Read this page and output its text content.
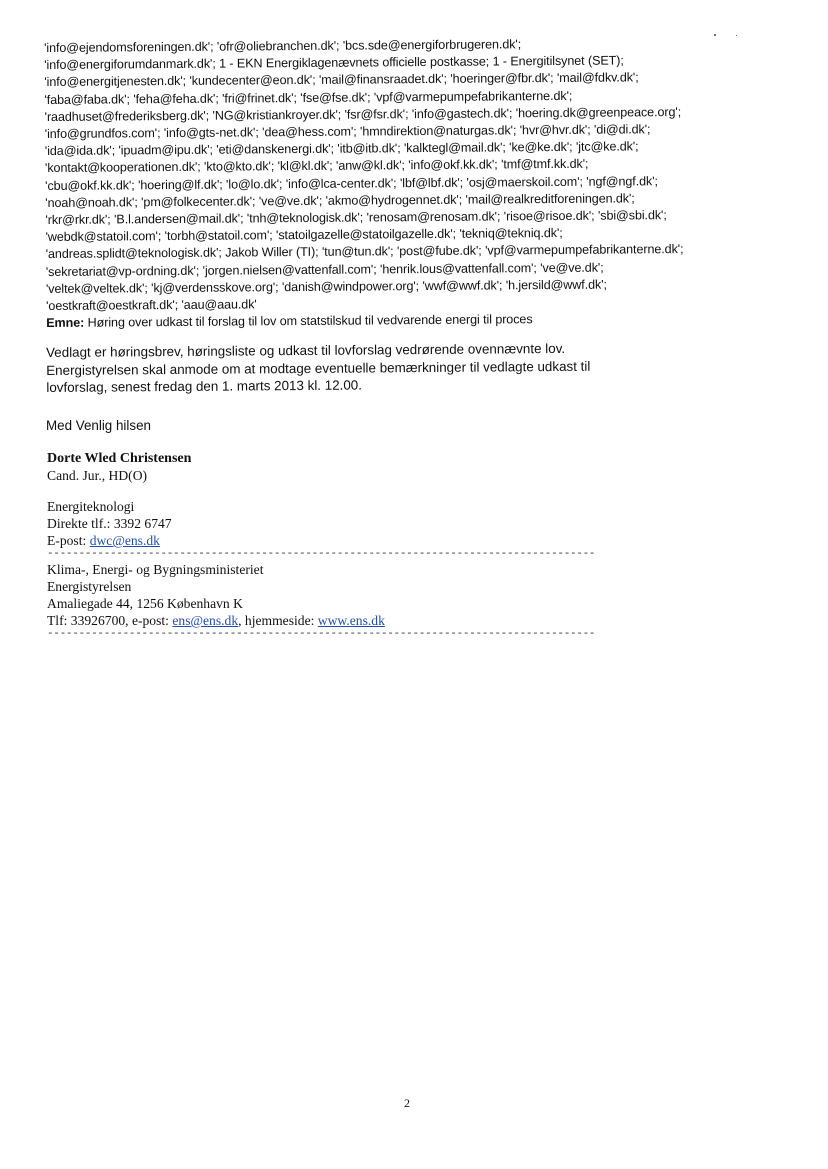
'info@ejendomsforeningen.dk'; 'ofr@oliebranchen.dk'; 'bcs.sde@energiforbrugeren.dk';
'info@energiforumdanmark.dk'; 1 - EKN Energiklagenævnets officielle postkasse; 1 - Energitilsynet (SET);
'info@energitjenesten.dk'; 'kundecenter@eon.dk'; 'mail@finansraadet.dk'; 'hoeringer@fbr.dk'; 'mail@fdkv.dk';
'faba@faba.dk'; 'feha@feha.dk'; 'fri@frinet.dk'; 'fse@fse.dk'; 'vpf@varmepumpefabrikanterne.dk';
'raadhuset@frederiksberg.dk'; 'NG@kristiankroyer.dk'; 'fsr@fsr.dk'; 'info@gastech.dk'; 'hoering.dk@greenpeace.org';
'info@grundfos.com'; 'info@gts-net.dk'; 'dea@hess.com'; 'hmndirektion@naturgas.dk'; 'hvr@hvr.dk'; 'di@di.dk';
'ida@ida.dk'; 'ipuadm@ipu.dk'; 'eti@danskenergi.dk'; 'itb@itb.dk'; 'kalktegl@mail.dk'; 'ke@ke.dk'; 'jtc@ke.dk';
'kontakt@kooperationen.dk'; 'kto@kto.dk'; 'kl@kl.dk'; 'anw@kl.dk'; 'info@okf.kk.dk'; 'tmf@tmf.kk.dk';
'cbu@okf.kk.dk'; 'hoering@lf.dk'; 'lo@lo.dk'; 'info@lca-center.dk'; 'lbf@lbf.dk'; 'osj@maerskoil.com'; 'ngf@ngf.dk';
'noah@noah.dk'; 'pm@folkecenter.dk'; 've@ve.dk'; 'akmo@hydrogennet.dk'; 'mail@realkreditforeningen.dk';
'rkr@rkr.dk'; 'B.l.andersen@mail.dk'; 'tnh@teknologisk.dk'; 'renosam@renosam.dk'; 'risoe@risoe.dk'; 'sbi@sbi.dk';
'webdk@statoil.com'; 'torbh@statoil.com'; 'statoilgazelle@statoilgazelle.dk'; 'tekniq@tekniq.dk';
'andreas.splidt@teknologisk.dk'; Jakob Willer (TI); 'tun@tun.dk'; 'post@fube.dk'; 'vpf@varmepumpefabrikanterne.dk';
'sekretariat@vp-ordning.dk'; 'jorgen.nielsen@vattenfall.com'; 'henrik.lous@vattenfall.com'; 've@ve.dk';
'veltek@veltek.dk'; 'kj@verdensskove.org'; 'danish@windpower.org'; 'wwf@wwf.dk'; 'h.jersild@wwf.dk';
'oestkraft@oestkraft.dk'; 'aau@aau.dk'
Emne: Høring over udkast til forslag til lov om statstilskud til vedvarende energi til proces
Vedlagt er høringsbrev, høringsliste og udkast til lovforslag vedrørende ovennævnte lov.
Energistyrelsen skal anmode om at modtage eventuelle bemærkninger til vedlagte udkast til
lovforslag, senest fredag den 1. marts 2013 kl. 12.00.
Med Venlig hilsen
Dorte Wled Christensen
Cand. Jur., HD(O)
Energiteknologi
Direkte tlf.: 3392 6747
E-post: dwc@ens.dk
---------------------------------------------------------------------------------------
Klima-, Energi- og Bygningsministeriet
Energistyrelsen
Amaliegade 44, 1256 København K
Tlf: 33926700, e-post: ens@ens.dk, hjemmeside: www.ens.dk
---------------------------------------------------------------------------------------
2
